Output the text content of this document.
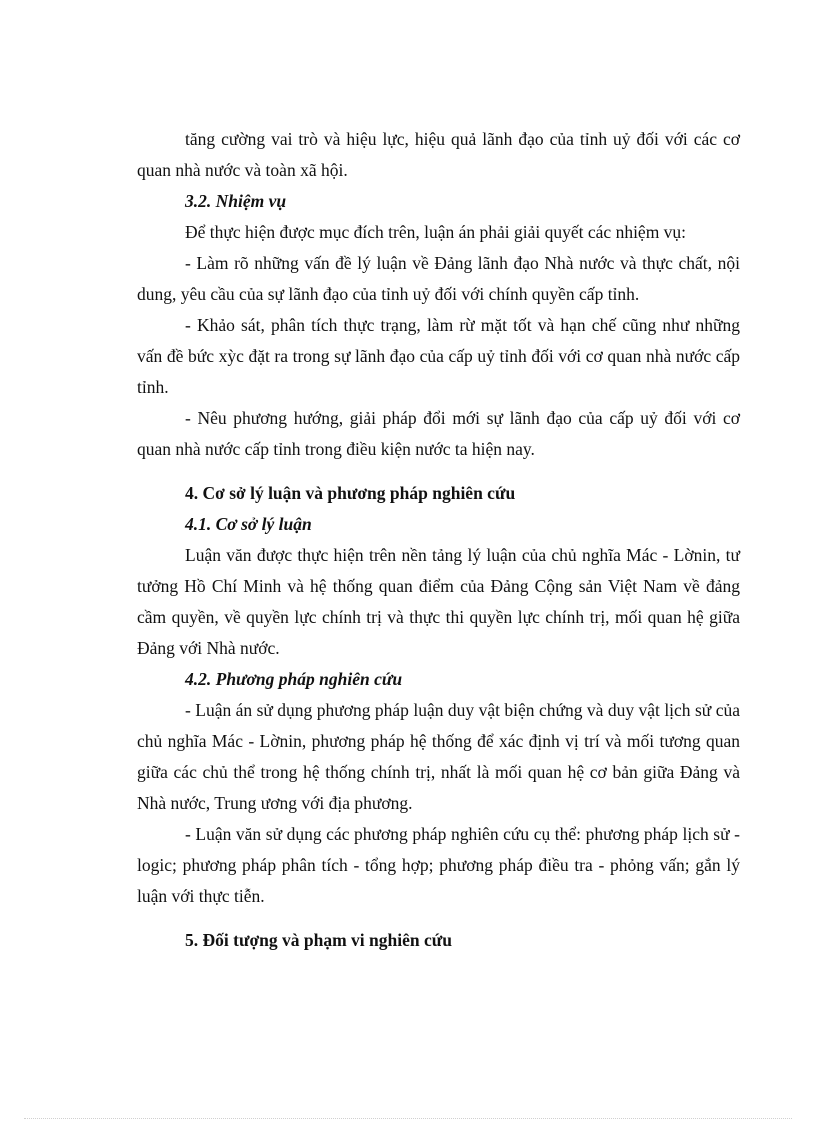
tăng cường vai trò và hiệu lực, hiệu quả lãnh đạo của tỉnh uỷ đối với các cơ quan nhà nước và toàn xã hội.

3.2. Nhiệm vụ

Để thực hiện được mục đích trên, luận án phải giải quyết các nhiệm vụ:

- Làm rõ những vấn đề lý luận về Đảng lãnh đạo Nhà nước và thực chất, nội dung, yêu cầu của sự lãnh đạo của tỉnh uỷ đối với chính quyền cấp tỉnh.

- Khảo sát, phân tích thực trạng, làm rừ mặt tốt và hạn chế cũng như những vấn đề bức xỳc đặt ra trong sự lãnh đạo của cấp uỷ tỉnh đối với cơ quan nhà nước cấp tỉnh.

- Nêu phương hướng, giải pháp đổi mới sự lãnh đạo của cấp uỷ đối với cơ quan nhà nước cấp tỉnh trong điều kiện nước ta hiện nay.

4. Cơ sở lý luận và phương pháp nghiên cứu

4.1. Cơ sở lý luận

Luận văn được thực hiện trên nền tảng lý luận của chủ nghĩa Mác - Lờnin, tư tưởng Hồ Chí Minh và hệ thống quan điểm của Đảng Cộng sản Việt Nam về đảng cầm quyền, về quyền lực chính trị và thực thi quyền lực chính trị, mối quan hệ giữa Đảng với Nhà nước.

4.2. Phương pháp nghiên cứu

- Luận án sử dụng phương pháp luận duy vật biện chứng và duy vật lịch sử của chủ nghĩa Mác - Lờnin, phương pháp hệ thống để xác định vị trí và mối tương quan giữa các chủ thể trong hệ thống chính trị, nhất là mối quan hệ cơ bản giữa Đảng và Nhà nước, Trung ương với địa phương.

- Luận văn sử dụng các phương pháp nghiên cứu cụ thể: phương pháp lịch sử - logic; phương pháp phân tích - tổng hợp; phương pháp điều tra - phỏng vấn; gắn lý luận với thực tiễn.

5. Đối tượng và phạm vi nghiên cứu
